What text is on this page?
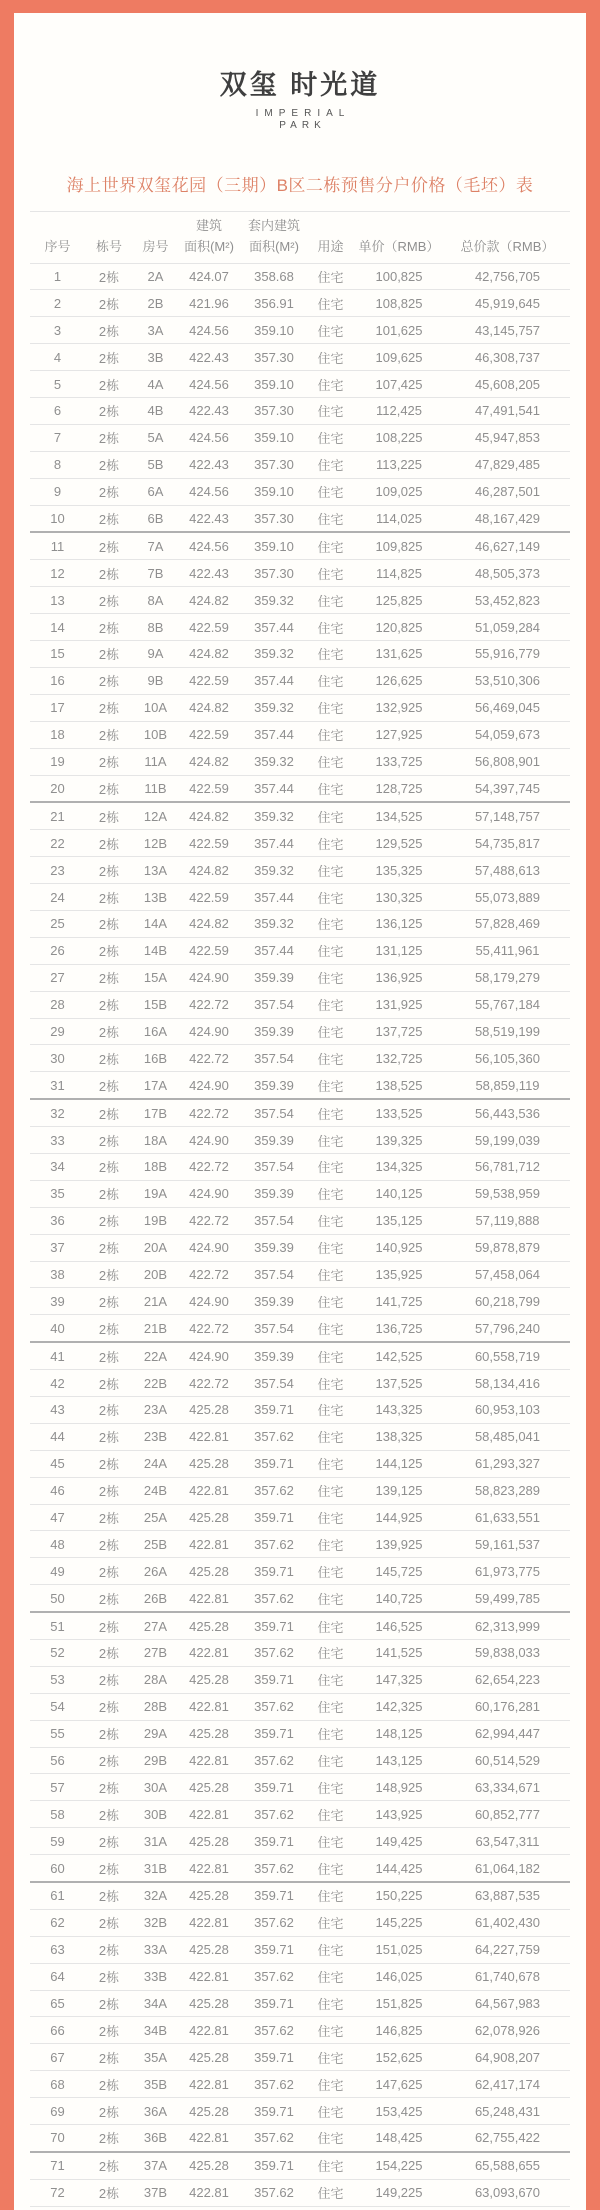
双玺 时光道
IMPERIAL
PARK
海上世界双玺花园（三期）B区二栋预售分户价格（毛坯）表
			建筑	套内建筑			
序号	栋号	房号	面积(M²)	面积(M²)	用途	单价（RMB）	总价款（RMB）
1	2栋	2A	424.07	358.68	住宅	100,825	42,756,705
2	2栋	2B	421.96	356.91	住宅	108,825	45,919,645
3	2栋	3A	424.56	359.10	住宅	101,625	43,145,757
4	2栋	3B	422.43	357.30	住宅	109,625	46,308,737
5	2栋	4A	424.56	359.10	住宅	107,425	45,608,205
6	2栋	4B	422.43	357.30	住宅	112,425	47,491,541
7	2栋	5A	424.56	359.10	住宅	108,225	45,947,853
8	2栋	5B	422.43	357.30	住宅	113,225	47,829,485
9	2栋	6A	424.56	359.10	住宅	109,025	46,287,501
10	2栋	6B	422.43	357.30	住宅	114,025	48,167,429
11	2栋	7A	424.56	359.10	住宅	109,825	46,627,149
12	2栋	7B	422.43	357.30	住宅	114,825	48,505,373
13	2栋	8A	424.82	359.32	住宅	125,825	53,452,823
14	2栋	8B	422.59	357.44	住宅	120,825	51,059,284
15	2栋	9A	424.82	359.32	住宅	131,625	55,916,779
16	2栋	9B	422.59	357.44	住宅	126,625	53,510,306
17	2栋	10A	424.82	359.32	住宅	132,925	56,469,045
18	2栋	10B	422.59	357.44	住宅	127,925	54,059,673
19	2栋	11A	424.82	359.32	住宅	133,725	56,808,901
20	2栋	11B	422.59	357.44	住宅	128,725	54,397,745
21	2栋	12A	424.82	359.32	住宅	134,525	57,148,757
22	2栋	12B	422.59	357.44	住宅	129,525	54,735,817
23	2栋	13A	424.82	359.32	住宅	135,325	57,488,613
24	2栋	13B	422.59	357.44	住宅	130,325	55,073,889
25	2栋	14A	424.82	359.32	住宅	136,125	57,828,469
26	2栋	14B	422.59	357.44	住宅	131,125	55,411,961
27	2栋	15A	424.90	359.39	住宅	136,925	58,179,279
28	2栋	15B	422.72	357.54	住宅	131,925	55,767,184
29	2栋	16A	424.90	359.39	住宅	137,725	58,519,199
30	2栋	16B	422.72	357.54	住宅	132,725	56,105,360
31	2栋	17A	424.90	359.39	住宅	138,525	58,859,119
32	2栋	17B	422.72	357.54	住宅	133,525	56,443,536
33	2栋	18A	424.90	359.39	住宅	139,325	59,199,039
34	2栋	18B	422.72	357.54	住宅	134,325	56,781,712
35	2栋	19A	424.90	359.39	住宅	140,125	59,538,959
36	2栋	19B	422.72	357.54	住宅	135,125	57,119,888
37	2栋	20A	424.90	359.39	住宅	140,925	59,878,879
38	2栋	20B	422.72	357.54	住宅	135,925	57,458,064
39	2栋	21A	424.90	359.39	住宅	141,725	60,218,799
40	2栋	21B	422.72	357.54	住宅	136,725	57,796,240
41	2栋	22A	424.90	359.39	住宅	142,525	60,558,719
42	2栋	22B	422.72	357.54	住宅	137,525	58,134,416
43	2栋	23A	425.28	359.71	住宅	143,325	60,953,103
44	2栋	23B	422.81	357.62	住宅	138,325	58,485,041
45	2栋	24A	425.28	359.71	住宅	144,125	61,293,327
46	2栋	24B	422.81	357.62	住宅	139,125	58,823,289
47	2栋	25A	425.28	359.71	住宅	144,925	61,633,551
48	2栋	25B	422.81	357.62	住宅	139,925	59,161,537
49	2栋	26A	425.28	359.71	住宅	145,725	61,973,775
50	2栋	26B	422.81	357.62	住宅	140,725	59,499,785
51	2栋	27A	425.28	359.71	住宅	146,525	62,313,999
52	2栋	27B	422.81	357.62	住宅	141,525	59,838,033
53	2栋	28A	425.28	359.71	住宅	147,325	62,654,223
54	2栋	28B	422.81	357.62	住宅	142,325	60,176,281
55	2栋	29A	425.28	359.71	住宅	148,125	62,994,447
56	2栋	29B	422.81	357.62	住宅	143,125	60,514,529
57	2栋	30A	425.28	359.71	住宅	148,925	63,334,671
58	2栋	30B	422.81	357.62	住宅	143,925	60,852,777
59	2栋	31A	425.28	359.71	住宅	149,425	63,547,311
60	2栋	31B	422.81	357.62	住宅	144,425	61,064,182
61	2栋	32A	425.28	359.71	住宅	150,225	63,887,535
62	2栋	32B	422.81	357.62	住宅	145,225	61,402,430
63	2栋	33A	425.28	359.71	住宅	151,025	64,227,759
64	2栋	33B	422.81	357.62	住宅	146,025	61,740,678
65	2栋	34A	425.28	359.71	住宅	151,825	64,567,983
66	2栋	34B	422.81	357.62	住宅	146,825	62,078,926
67	2栋	35A	425.28	359.71	住宅	152,625	64,908,207
68	2栋	35B	422.81	357.62	住宅	147,625	62,417,174
69	2栋	36A	425.28	359.71	住宅	153,425	65,248,431
70	2栋	36B	422.81	357.62	住宅	148,425	62,755,422
71	2栋	37A	425.28	359.71	住宅	154,225	65,588,655
72	2栋	37B	422.81	357.62	住宅	149,225	63,093,670
